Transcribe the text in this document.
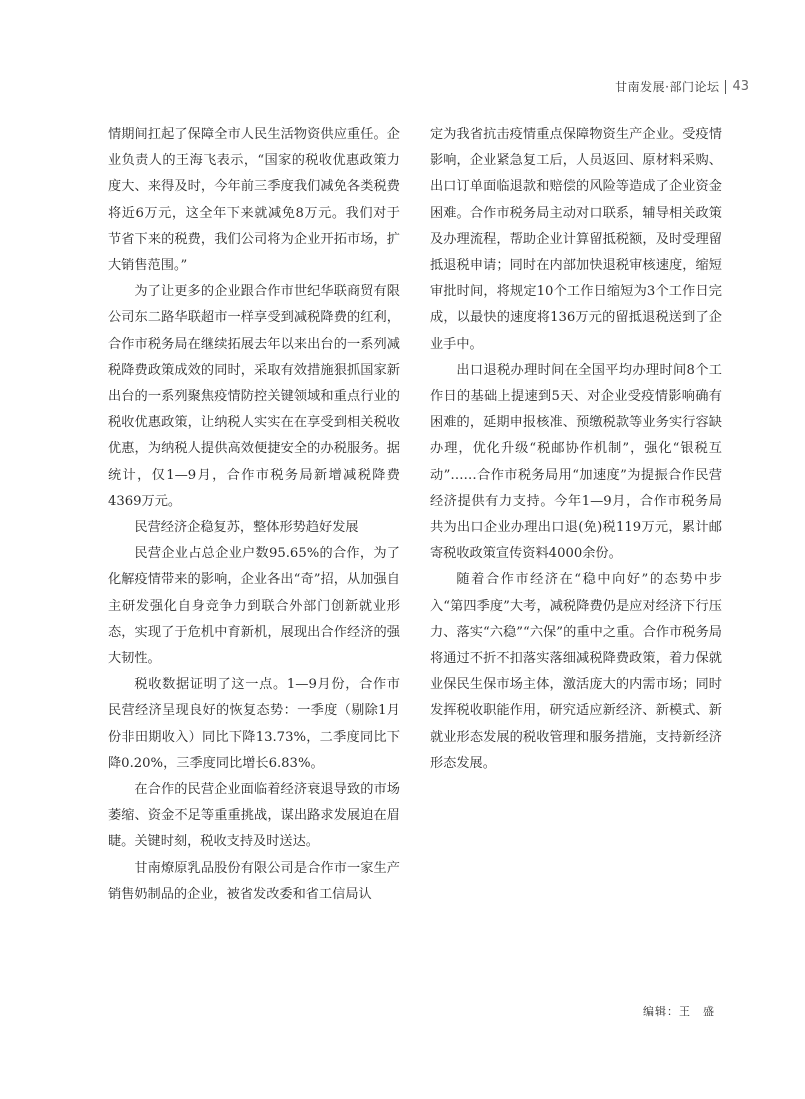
甘南发展·部门论坛 43

情期间扛起了保障全市人民生活物资供应重任。企业负责人的王海飞表示，“国家的税收优惠政策力度大、来得及时，今年前三季度我们减免各类税费将近6万元，这全年下来就减免8万元。我们对于节省下来的税费，我们公司将为企业开拓市场，扩大销售范围。”

为了让更多的企业跟合作市世纪华联商贸有限公司东二路华联超市一样享受到减税降费的红利，合作市税务局在继续拓展去年以来出台的一系列减税降费政策成效的同时，采取有效措施狠抓国家新出台的一系列聚焦疫情防控关键领域和重点行业的税收优惠政策，让纳税人实实在在享受到相关税收优惠，为纳税人提供高效便捷安全的办税服务。据统计，仅1—9月，合作市税务局新增减税降费4369万元。

民营经济企稳复苏，整体形势趋好发展

民营企业占总企业户数95.65%的合作，为了化解疫情带来的影响，企业各出“奇”招，从加强自主研发强化自身竞争力到联合外部门创新就业形态，实现了于危机中育新机，展现出合作经济的强大韧性。

税收数据证明了这一点。1—9月份，合作市民营经济呈现良好的恢复态势：一季度（剔除1月份非田期收入）同比下降13.73%，二季度同比下降0.20%，三季度同比增长6.83%。

在合作的民营企业面临着经济衰退导致的市场萎缩、资金不足等重重挑战，谋出路求发展迫在眉睫。关键时刻，税收支持及时送达。

甘南燎原乳品股份有限公司是合作市一家生产销售奶制品的企业，被省发改委和省工信局认

定为我省抗击疫情重点保障物资生产企业。受疫情影响，企业紧急复工后，人员返回、原材料采购、出口订单面临退款和赔偿的风险等造成了企业资金困难。合作市税务局主动对口联系，辅导相关政策及办理流程，帮助企业计算留抵税额，及时受理留抵退税申请；同时在内部加快退税审核速度，缩短审批时间，将规定10个工作日缩短为3个工作日完成，以最快的速度将136万元的留抵退税送到了企业手中。

出口退税办理时间在全国平均办理时间8个工作日的基础上提速到5天、对企业受疫情影响确有困难的，延期申报核准、预缴税款等业务实行容缺办理，优化升级“税邮协作机制”，强化“银税互动”……合作市税务局用“加速度”为提振合作民营经济提供有力支持。今年1—9月，合作市税务局共为出口企业办理出口退(免)税119万元，累计邮寄税收政策宣传资料4000余份。

随着合作市经济在“稳中向好”的态势中步入“第四季度”大考，减税降费仍是应对经济下行压力、落实“六稳”“六保”的重中之重。合作市税务局将通过不折不扣落实落细减税降费政策，着力保就业保民生保市场主体，激活庞大的内需市场；同时发挥税收职能作用，研究适应新经济、新模式、新就业形态发展的税收管理和服务措施，支持新经济形态发展。

编辑：王　盛
